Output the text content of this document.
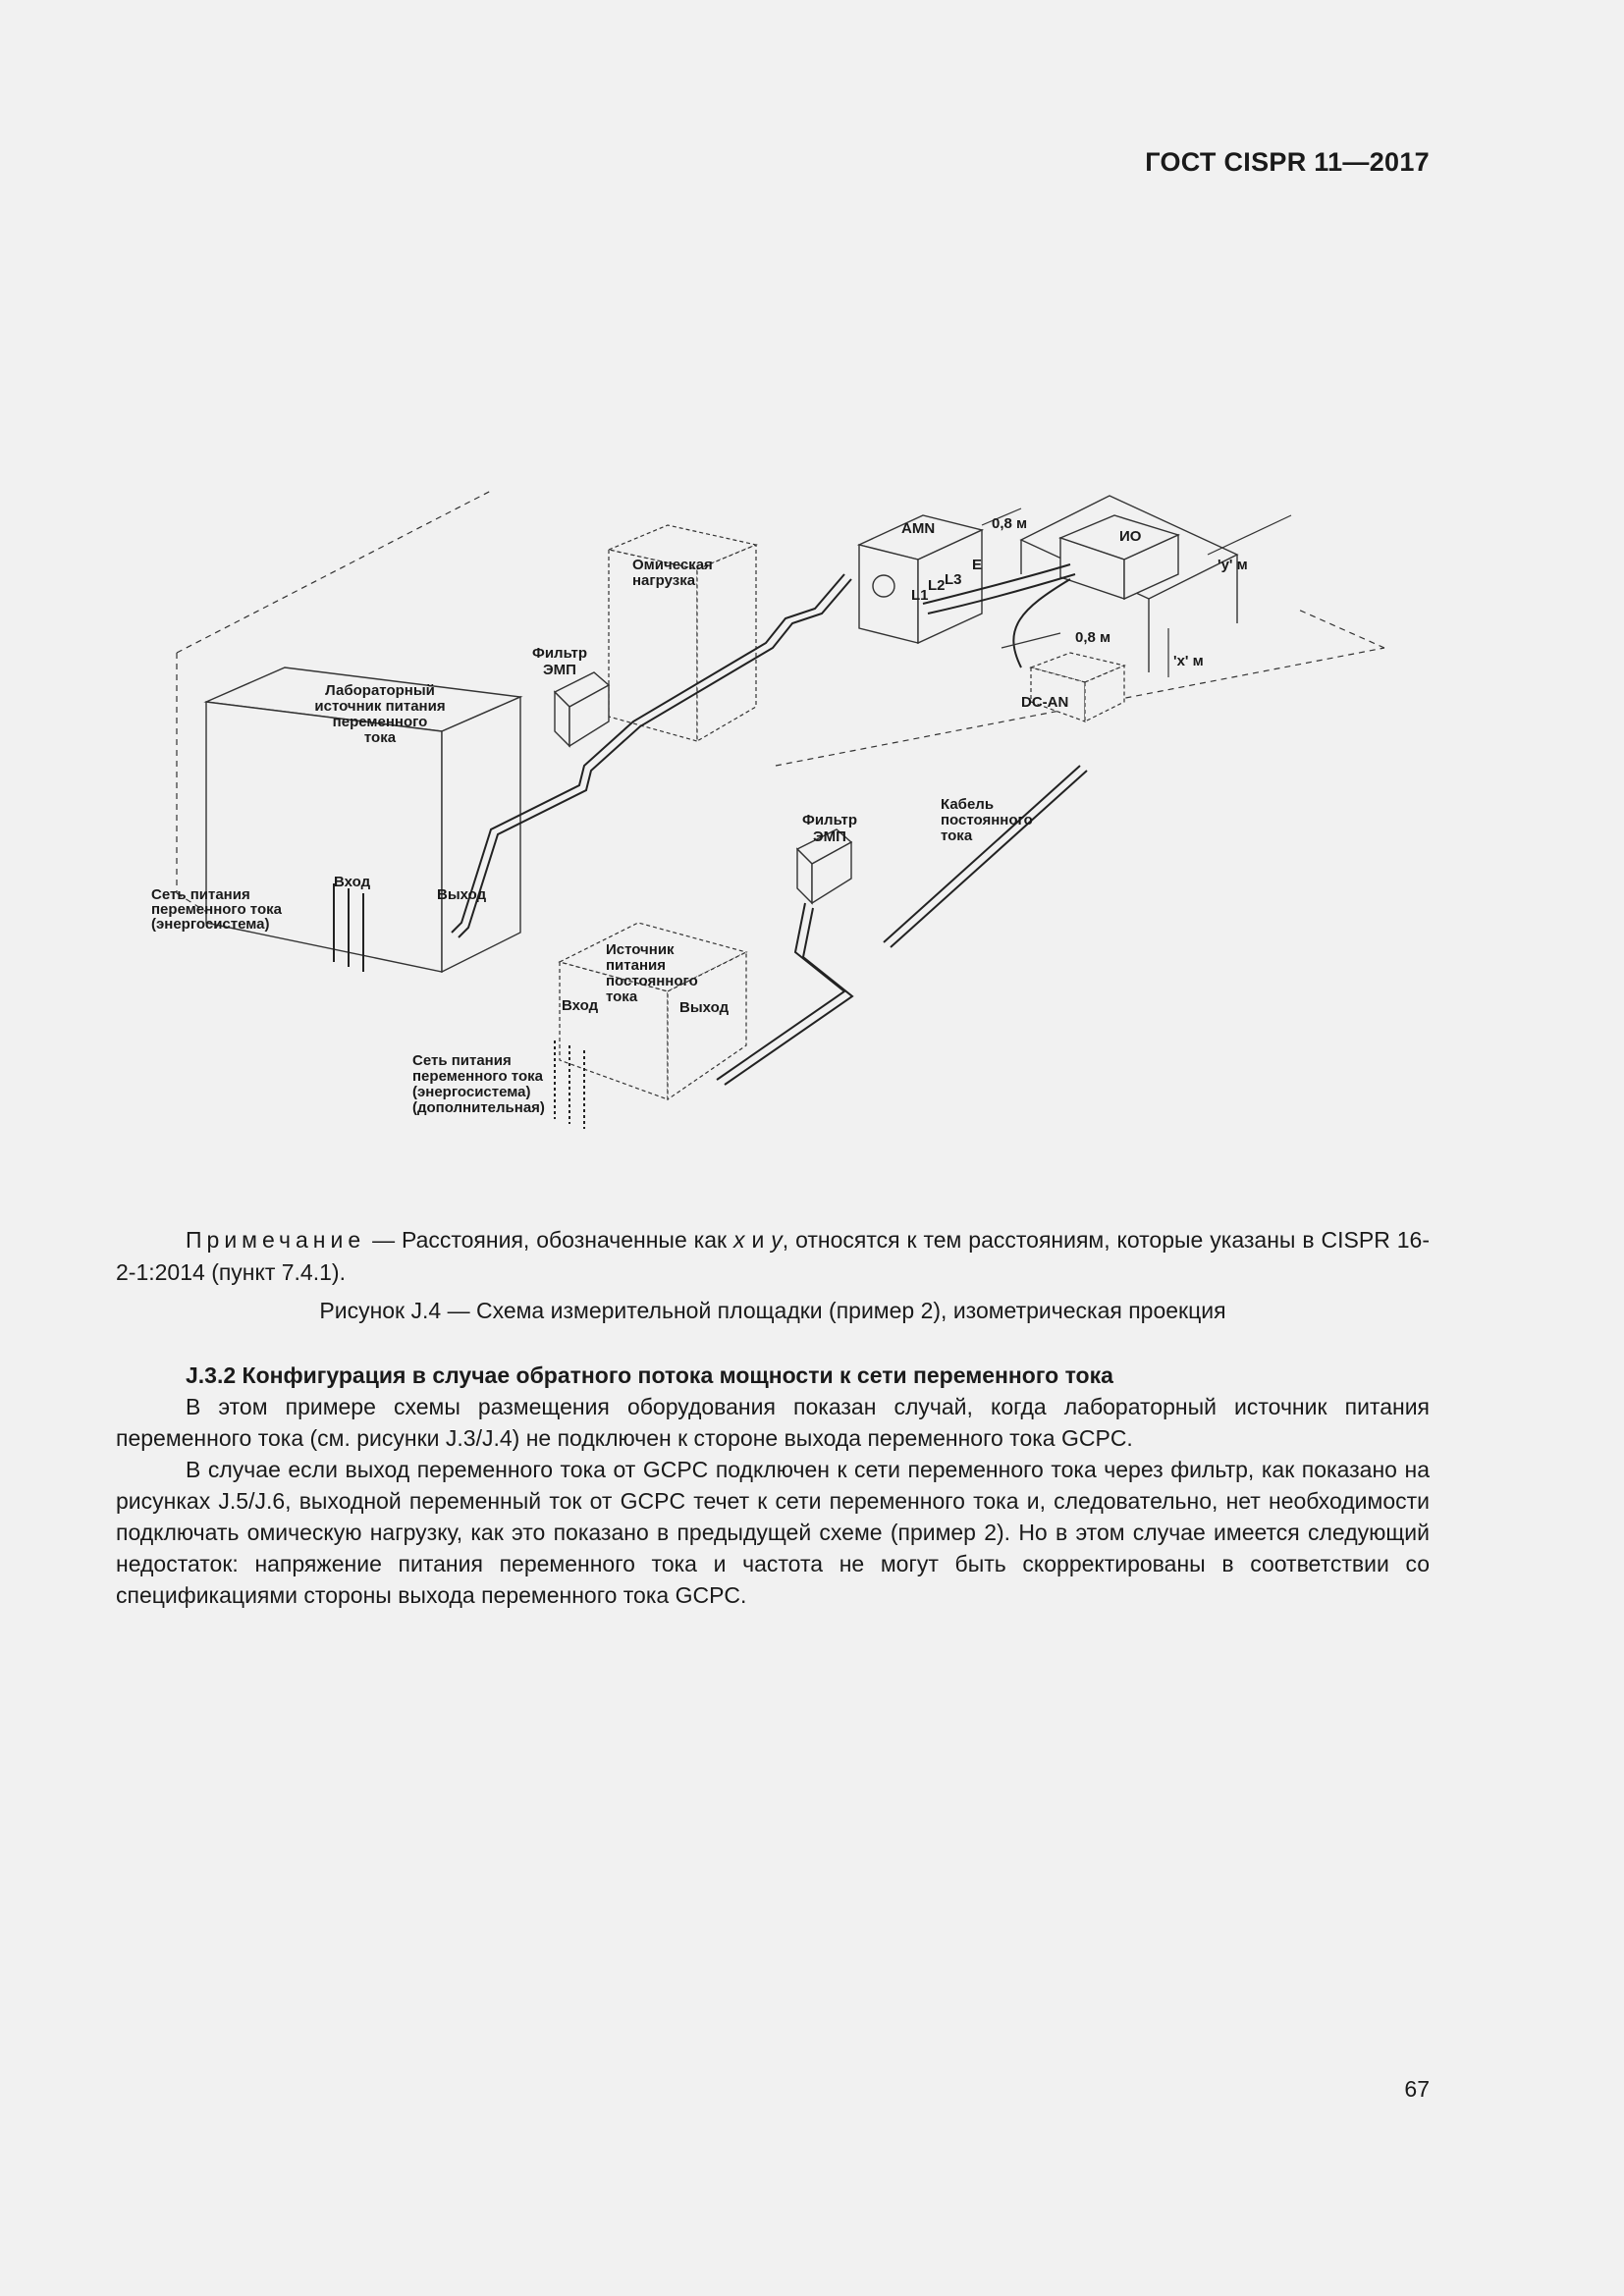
ГОСТ CISPR 11—2017
Омическая нагрузка
Лабораторный источник питания переменного тока
Фильтр ЭМП
AMN
L1
L2 L3
E
0,8 м
ИО
'y' м
0,8 м
'x' м
DC-AN
Фильтр ЭМП
Кабель постоянного тока
Вход
Выход
Сеть питания переменного тока (энергосистема)
Источник питания постоянного тока
Вход	Выход
Сеть питания переменного тока (энергосистема) (дополнительная)
Примечание — Расстояния, обозначенные как x и y, относятся к тем расстояниям, которые указаны в CISPR 16-2-1:2014 (пункт 7.4.1).
Рисунок J.4 — Схема измерительной площадки (пример 2), изометрическая проекция
J.3.2 Конфигурация в случае обратного потока мощности к сети переменного тока

В этом примере схемы размещения оборудования показан случай, когда лабораторный источник питания переменного тока (см. рисунки J.3/J.4) не подключен к стороне выхода переменного тока GCPC.

В случае если выход переменного тока от GCPC подключен к сети переменного тока через фильтр, как показано на рисунках J.5/J.6, выходной переменный ток от GCPC течет к сети переменного тока и, следовательно, нет необходимости подключать омическую нагрузку, как это показано в предыдущей схеме (пример 2). Но в этом случае имеется следующий недостаток: напряжение питания переменного тока и частота не могут быть скорректированы в соответствии со спецификациями стороны выхода переменного тока GCPC.

67
